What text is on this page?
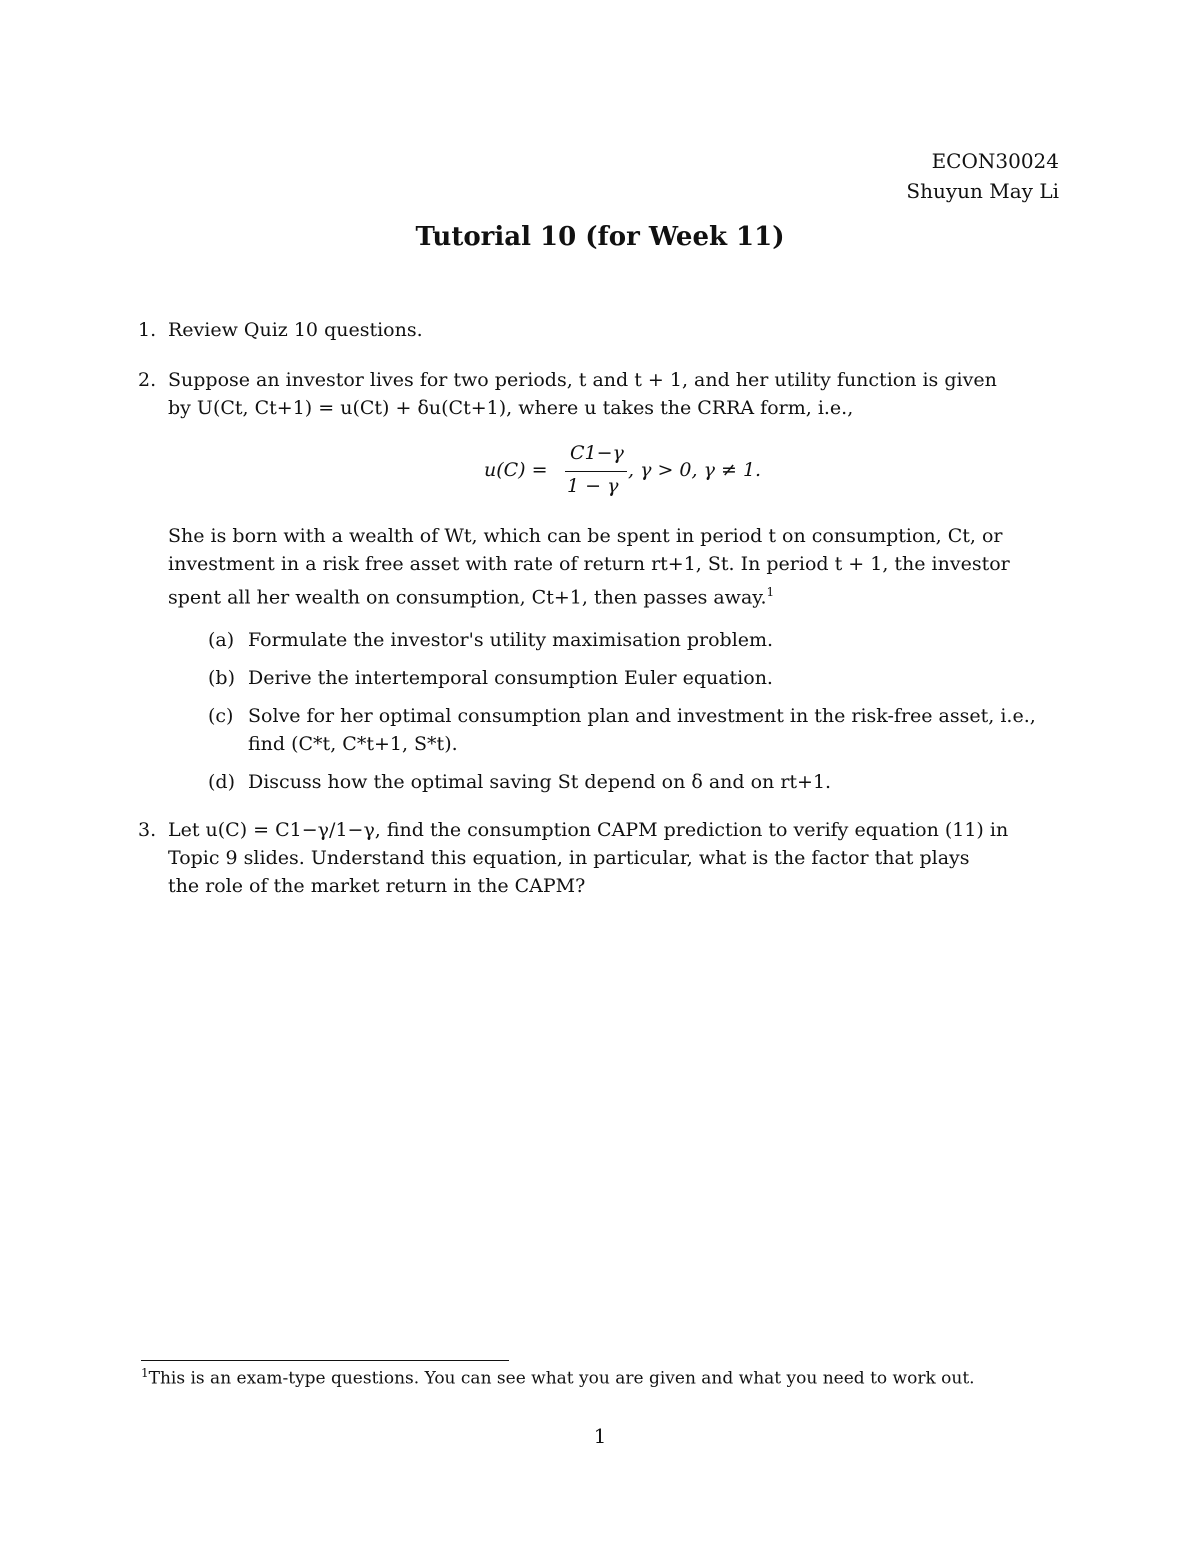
ECON30024
Shuyun May Li
Tutorial 10 (for Week 11)
1. Review Quiz 10 questions.
2. Suppose an investor lives for two periods, t and t + 1, and her utility function is given
by U(Ct, Ct+1) = u(Ct) + δu(Ct+1), where u takes the CRRA form, i.e.,
u(C) =
C1−γ
1 − γ
, γ > 0, γ ≠ 1.
She is born with a wealth of Wt, which can be spent in period t on consumption, Ct, or
investment in a risk free asset with rate of return rt+1, St. In period t + 1, the investor
spent all her wealth on consumption, Ct+1, then passes away.$^1$
(a) Formulate the investor's utility maximisation problem.
(b) Derive the intertemporal consumption Euler equation.
(c) Solve for her optimal consumption plan and investment in the risk-free asset, i.e.,
find (C*t, C*t+1, S*t).
(d) Discuss how the optimal saving St depend on δ and on rt+1.
3. Let u(C) = C1−γ/1−γ, find the consumption CAPM prediction to verify equation (11) in
Topic 9 slides. Understand this equation, in particular, what is the factor that plays
the role of the market return in the CAPM?
$^1$This is an exam-type questions. You can see what you are given and what you need to work out.
1
